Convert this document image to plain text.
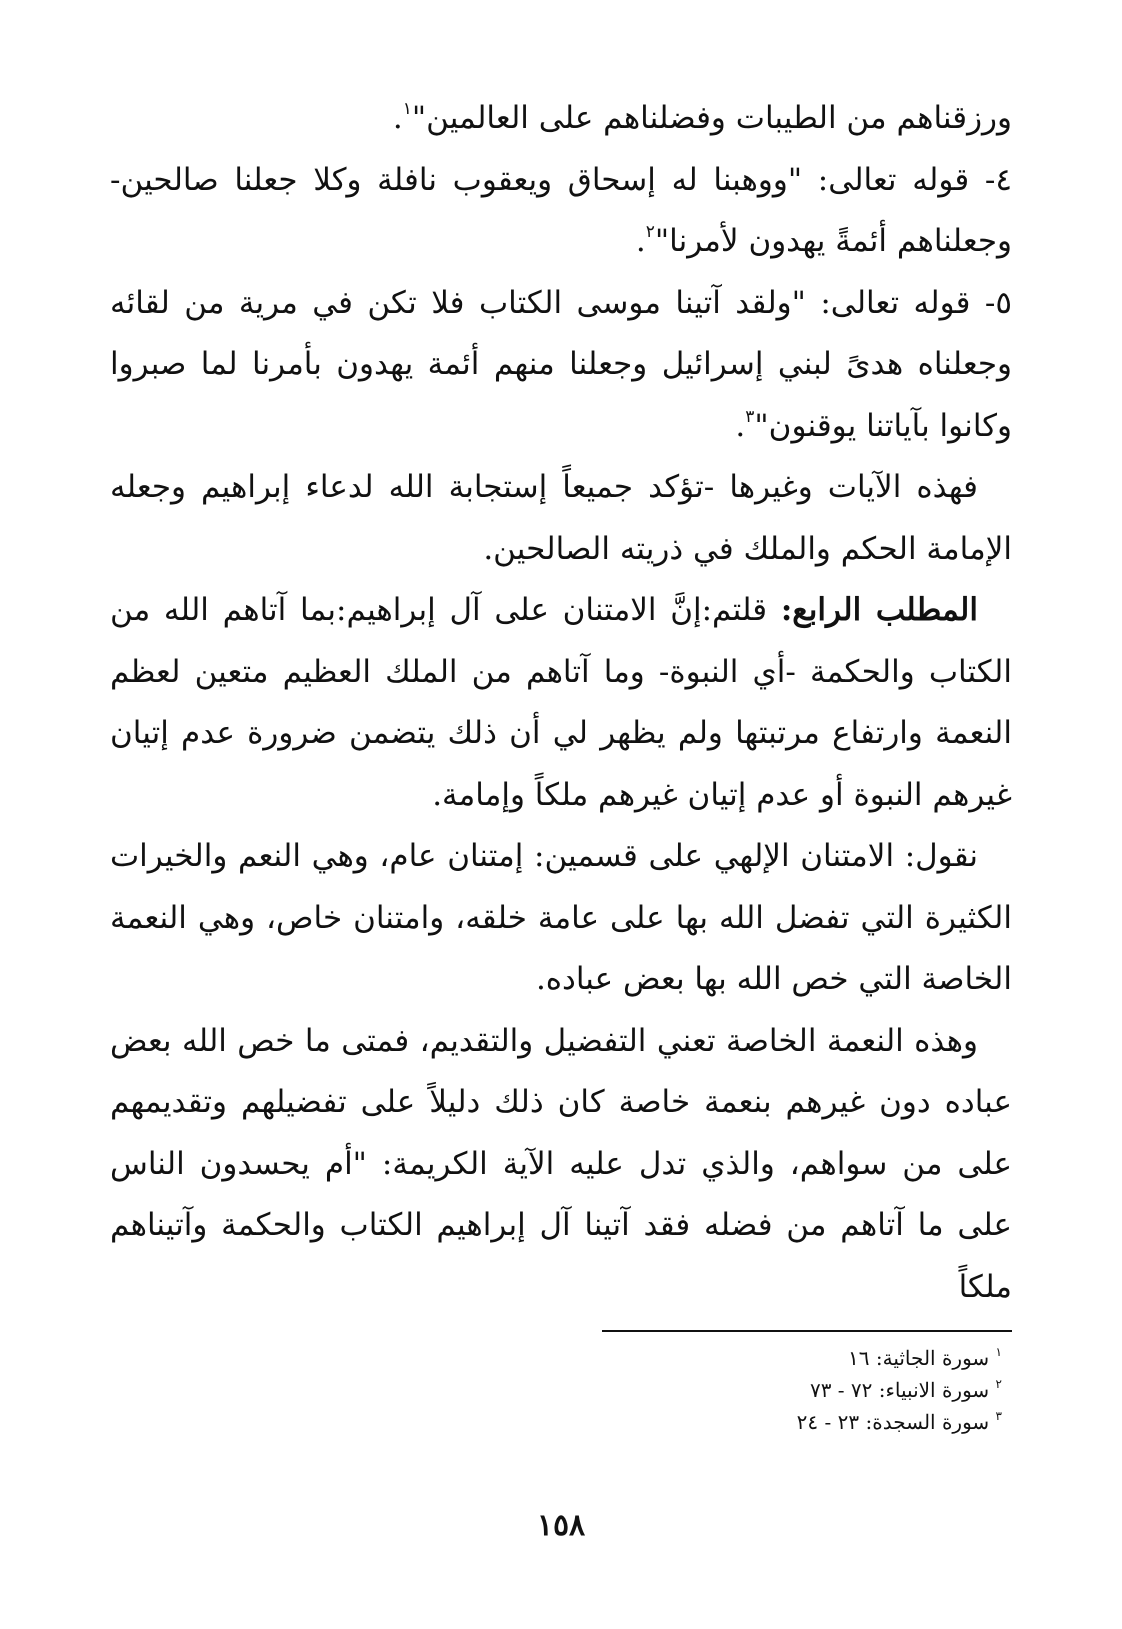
ورزقناهم من الطيبات وفضلناهم على العالمين"$^١$.

٤- قوله تعالى: "ووهبنا له إسحاق ويعقوب نافلة وكلا جعلنا صالحين- وجعلناهم أئمةً يهدون لأمرنا"$^٢$.

٥- قوله تعالى: "ولقد آتينا موسى الكتاب فلا تكن في مرية من لقائه وجعلناه هدىً لبني إسرائيل وجعلنا منهم أئمة يهدون بأمرنا لما صبروا وكانوا بآياتنا يوقنون"$^٣$.

فهذه الآيات وغيرها -تؤكد جميعاً إستجابة الله لدعاء إبراهيم وجعله الإمامة الحكم والملك في ذريته الصالحين.

المطلب الرابع: قلتم:إنَّ الامتنان على آل إبراهيم:بما آتاهم الله من الكتاب والحكمة -أي النبوة- وما آتاهم من الملك العظيم متعين لعظم النعمة وارتفاع مرتبتها ولم يظهر لي أن ذلك يتضمن ضرورة عدم إتيان غيرهم النبوة أو عدم إتيان غيرهم ملكاً وإمامة.

نقول: الامتنان الإلهي على قسمين: إمتنان عام، وهي النعم والخيرات الكثيرة التي تفضل الله بها على عامة خلقه، وامتنان خاص، وهي النعمة الخاصة التي خص الله بها بعض عباده.

وهذه النعمة الخاصة تعني التفضيل والتقديم، فمتى ما خص الله بعض عباده دون غيرهم بنعمة خاصة كان ذلك دليلاً على تفضيلهم وتقديمهم على من سواهم، والذي تدل عليه الآية الكريمة: "أم يحسدون الناس على ما آتاهم من فضله فقد آتينا آل إبراهيم الكتاب والحكمة وآتيناهم ملكاً

$^١$ سورة الجاثية: ١٦
$^٢$ سورة الانبياء: ٧٢ - ٧٣
$^٣$ سورة السجدة: ٢٣ - ٢٤
١٥٨
